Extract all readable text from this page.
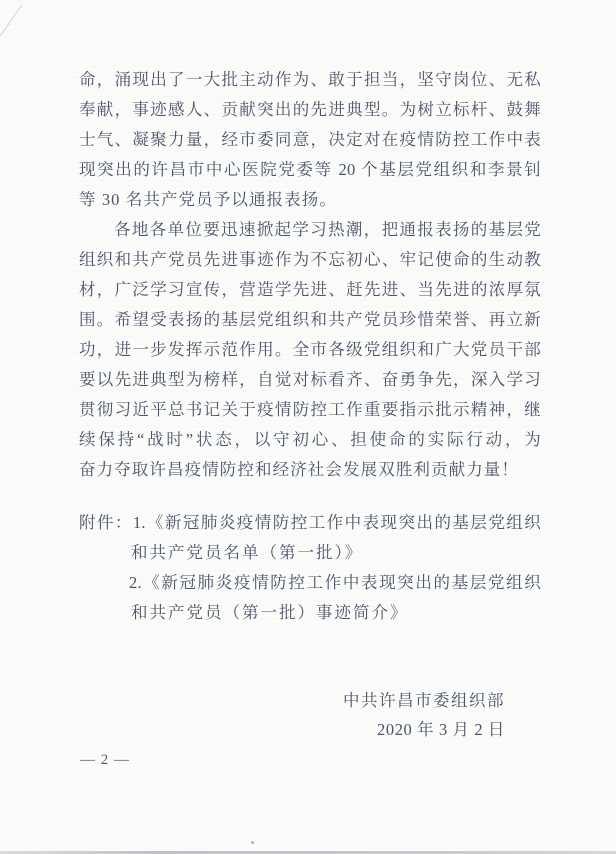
命，涌现出了一大批主动作为、敢于担当，坚守岗位、无私
奉献，事迹感人、贡献突出的先进典型。为树立标杆、鼓舞
士气、凝聚力量，经市委同意，决定对在疫情防控工作中表
现突出的许昌市中心医院党委等 20 个基层党组织和李景钊
等 30 名共产党员予以通报表扬。
各地各单位要迅速掀起学习热潮，把通报表扬的基层党
组织和共产党员先进事迹作为不忘初心、牢记使命的生动教
材，广泛学习宣传，营造学先进、赶先进、当先进的浓厚氛
围。希望受表扬的基层党组织和共产党员珍惜荣誉、再立新
功，进一步发挥示范作用。全市各级党组织和广大党员干部
要以先进典型为榜样，自觉对标看齐、奋勇争先，深入学习
贯彻习近平总书记关于疫情防控工作重要指示批示精神，继
续保持“战时”状态，以守初心、担使命的实际行动，为
奋力夺取许昌疫情防控和经济社会发展双胜利贡献力量！
附件：1.《新冠肺炎疫情防控工作中表现突出的基层党组织
和共产党员名单（第一批）》
2.《新冠肺炎疫情防控工作中表现突出的基层党组织
和共产党员（第一批）事迹简介》
中共许昌市委组织部
2020 年 3 月 2 日
— 2 —
